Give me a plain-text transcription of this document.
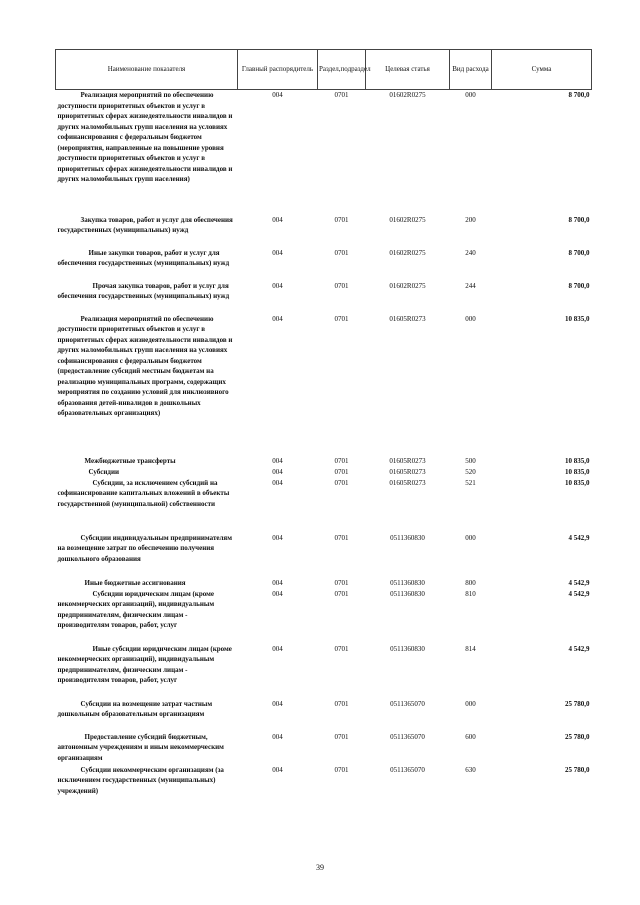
Наименование показателя	Главный распорядитель	Раздел,подраздел	Целевая статья	Вид расхода	Сумма
Реализация мероприятий по обеспечению доступности приоритетных объектов и услуг в приоритетных сферах жизнедеятельности инвалидов и других маломобильных групп населения на условиях софинансирования с федеральным бюджетом (мероприятия, направленные на повышение уровня доступности приоритетных объектов и услуг в приоритетных сферах жизнедеятельности инвалидов и других маломобильных групп населения)	004	0701	01602R0275	000	8 700,0
Закупка товаров, работ и услуг для обеспечения государственных (муниципальных) нужд	004	0701	01602R0275	200	8 700,0
Иные закупки товаров, работ и услуг для обеспечения государственных (муниципальных) нужд	004	0701	01602R0275	240	8 700,0
Прочая закупка товаров, работ и услуг для обеспечения государственных (муниципальных) нужд	004	0701	01602R0275	244	8 700,0
Реализация мероприятий по обеспечению доступности приоритетных объектов и услуг в приоритетных сферах жизнедеятельности инвалидов и других маломобильных групп населения на условиях софинансирования с федеральным бюджетом (предоставление субсидий местным бюджетам на реализацию муниципальных программ, содержащих мероприятия по созданию условий для инклюзивного образования детей-инвалидов в дошкольных образовательных организациях)	004	0701	01605R0273	000	10 835,0
Межбюджетные трансферты	004	0701	01605R0273	500	10 835,0
Субсидии	004	0701	01605R0273	520	10 835,0
Субсидии, за исключением субсидий на софинансирование капитальных вложений в объекты государственной (муниципальной) собственности	004	0701	01605R0273	521	10 835,0
Субсидии индивидуальным предпринимателям на возмещение затрат по обеспечению получения дошкольного образования	004	0701	0511360830	000	4 542,9
Иные бюджетные ассигнования	004	0701	0511360830	800	4 542,9
Субсидии юридическим лицам (кроме некоммерческих организаций), индивидуальным предпринимателям, физическим лицам - производителям товаров, работ, услуг	004	0701	0511360830	810	4 542,9
Иные субсидии юридическим лицам (кроме некоммерческих организаций), индивидуальным предпринимателям, физическим лицам - производителям товаров, работ, услуг	004	0701	0511360830	814	4 542,9
Субсидии на возмещение затрат частным дошкольным образовательным организациям	004	0701	0511365070	000	25 780,0
Предоставление субсидий бюджетным, автономным учреждениям и иным некоммерческим организациям	004	0701	0511365070	600	25 780,0
Субсидии некоммерческим организациям (за исключением государственных (муниципальных) учреждений)	004	0701	0511365070	630	25 780,0
39
